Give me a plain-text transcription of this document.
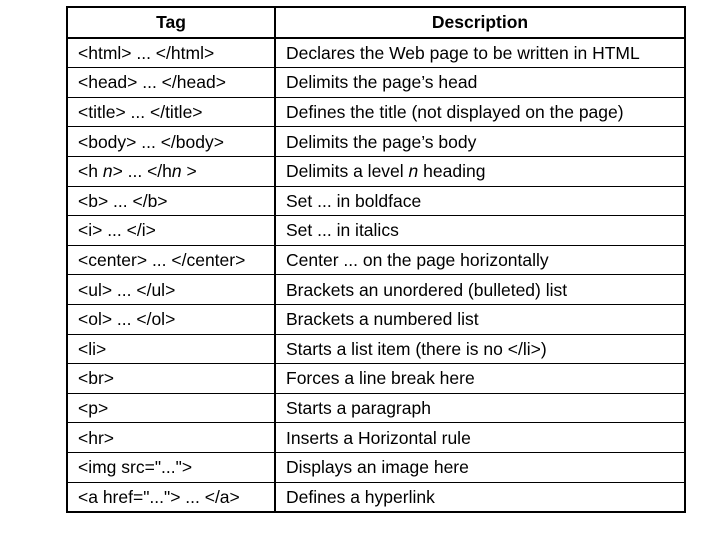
Tag	Description
<html> ... </html>	Declares the Web page to be written in HTML
<head> ... </head>	Delimits the page’s head
<title> ... </title>	Defines the title (not displayed on the page)
<body> ... </body>	Delimits the page’s body
<h n> ... </hn >	Delimits a level n heading
<b> ... </b>	Set ... in boldface
<i> ... </i>	Set ... in italics
<center> ... </center>	Center ... on the page horizontally
<ul> ... </ul>	Brackets an unordered (bulleted) list
<ol> ... </ol>	Brackets a numbered list
<li>	Starts a list item (there is no </li>)
<br>	Forces a line break here
<p>	Starts a paragraph
<hr>	Inserts a Horizontal rule
<img src="...">	Displays an image here
<a href="..."> ... </a>	Defines a hyperlink
